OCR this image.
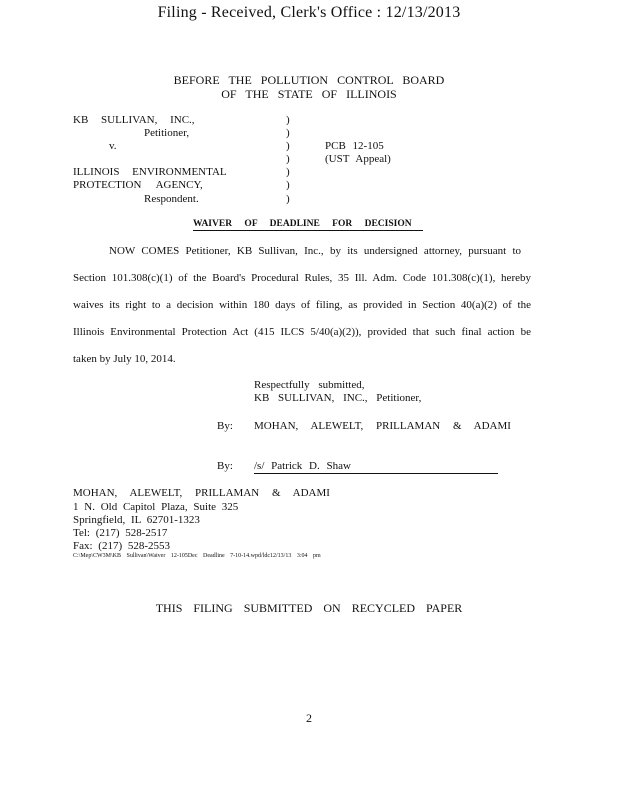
Filing - Received, Clerk's Office : 12/13/2013
BEFORE THE POLLUTION CONTROL BOARD
OF THE STATE OF ILLINOIS
KB SULLIVAN, INC.,
Petitioner,
v.
ILLINOIS ENVIRONMENTAL
PROTECTION AGENCY,
Respondent.
)
)
)
)
)
)
)
PCB 12-105
(UST Appeal)
WAIVER OF DEADLINE FOR DECISION
NOW COMES Petitioner, KB Sullivan, Inc., by its undersigned attorney, pursuant to
Section 101.308(c)(1) of the Board's Procedural Rules, 35 Ill. Adm. Code 101.308(c)(1), hereby
waives its right to a decision within 180 days of filing, as provided in Section 40(a)(2) of the
Illinois Environmental Protection Act (415 ILCS 5/40(a)(2)), provided that such final action be
taken by July 10, 2014.
Respectfully submitted,
KB SULLIVAN, INC., Petitioner,
By: MOHAN, ALEWELT, PRILLAMAN & ADAMI
By: /s/ Patrick D. Shaw
MOHAN, ALEWELT, PRILLAMAN & ADAMI
1 N. Old Capitol Plaza, Suite 325
Springfield, IL 62701-1323
Tel: (217) 528-2517
Fax: (217) 528-2553
C:\Mep\CW3M\KB Sullivan\Waiver 12-105Dec Deadline 7-10-14.wpd/ldc12/13/13 3:04 pm
THIS FILING SUBMITTED ON RECYCLED PAPER
2
